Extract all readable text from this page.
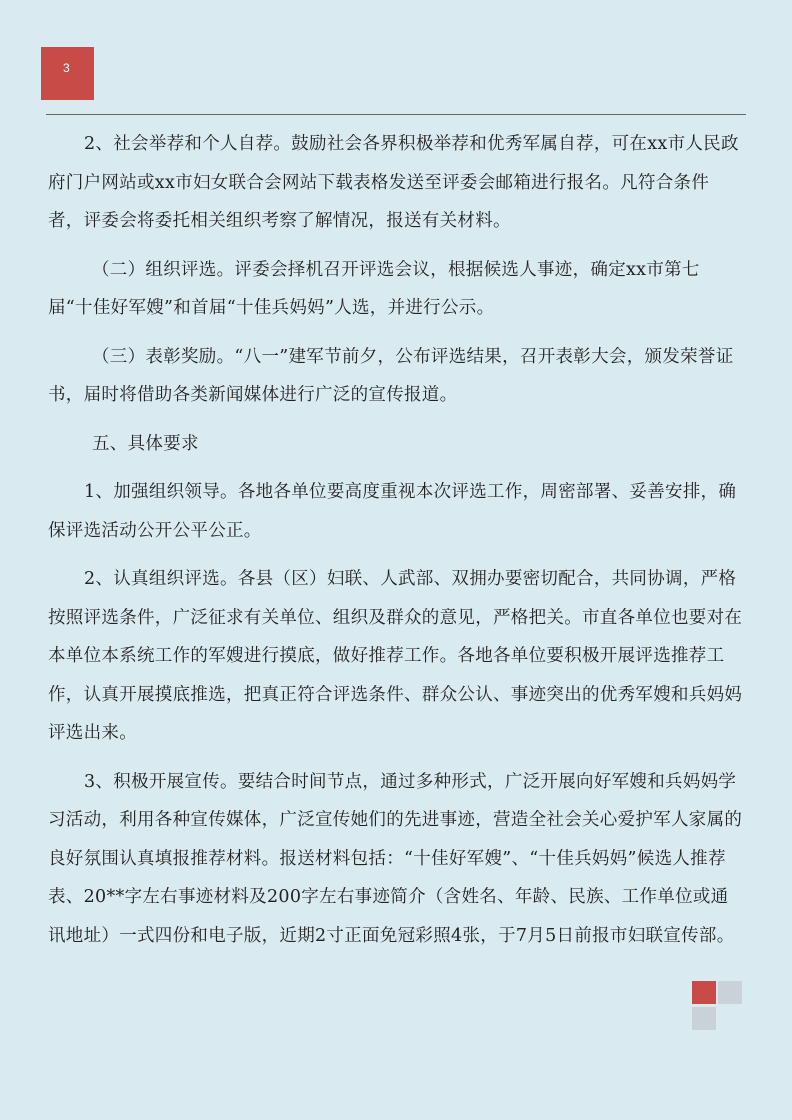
3

2、社会举荐和个人自荐。鼓励社会各界积极举荐和优秀军属自荐，可在xx市人民政府门户网站或xx市妇女联合会网站下载表格发送至评委会邮箱进行报名。凡符合条件者，评委会将委托相关组织考察了解情况，报送有关材料。

（二）组织评选。评委会择机召开评选会议，根据候选人事迹，确定xx市第七届“十佳好军嫂”和首届“十佳兵妈妈”人选，并进行公示。

（三）表彰奖励。“八一”建军节前夕，公布评选结果，召开表彰大会，颁发荣誉证书，届时将借助各类新闻媒体进行广泛的宣传报道。

五、具体要求

1、加强组织领导。各地各单位要高度重视本次评选工作，周密部署、妥善安排，确保评选活动公开公平公正。

2、认真组织评选。各县（区）妇联、人武部、双拥办要密切配合，共同协调，严格按照评选条件，广泛征求有关单位、组织及群众的意见，严格把关。市直各单位也要对在本单位本系统工作的军嫂进行摸底，做好推荐工作。各地各单位要积极开展评选推荐工作，认真开展摸底推选，把真正符合评选条件、群众公认、事迹突出的优秀军嫂和兵妈妈评选出来。

3、积极开展宣传。要结合时间节点，通过多种形式，广泛开展向好军嫂和兵妈妈学习活动，利用各种宣传媒体，广泛宣传她们的先进事迹，营造全社会关心爱护军人家属的良好氛围认真填报推荐材料。报送材料包括：“十佳好军嫂”、“十佳兵妈妈”候选人推荐表、20**字左右事迹材料及200字左右事迹简介（含姓名、年龄、民族、工作单位或通讯地址）一式四份和电子版，近期2寸正面免冠彩照4张，于7月5日前报市妇联宣传部。
